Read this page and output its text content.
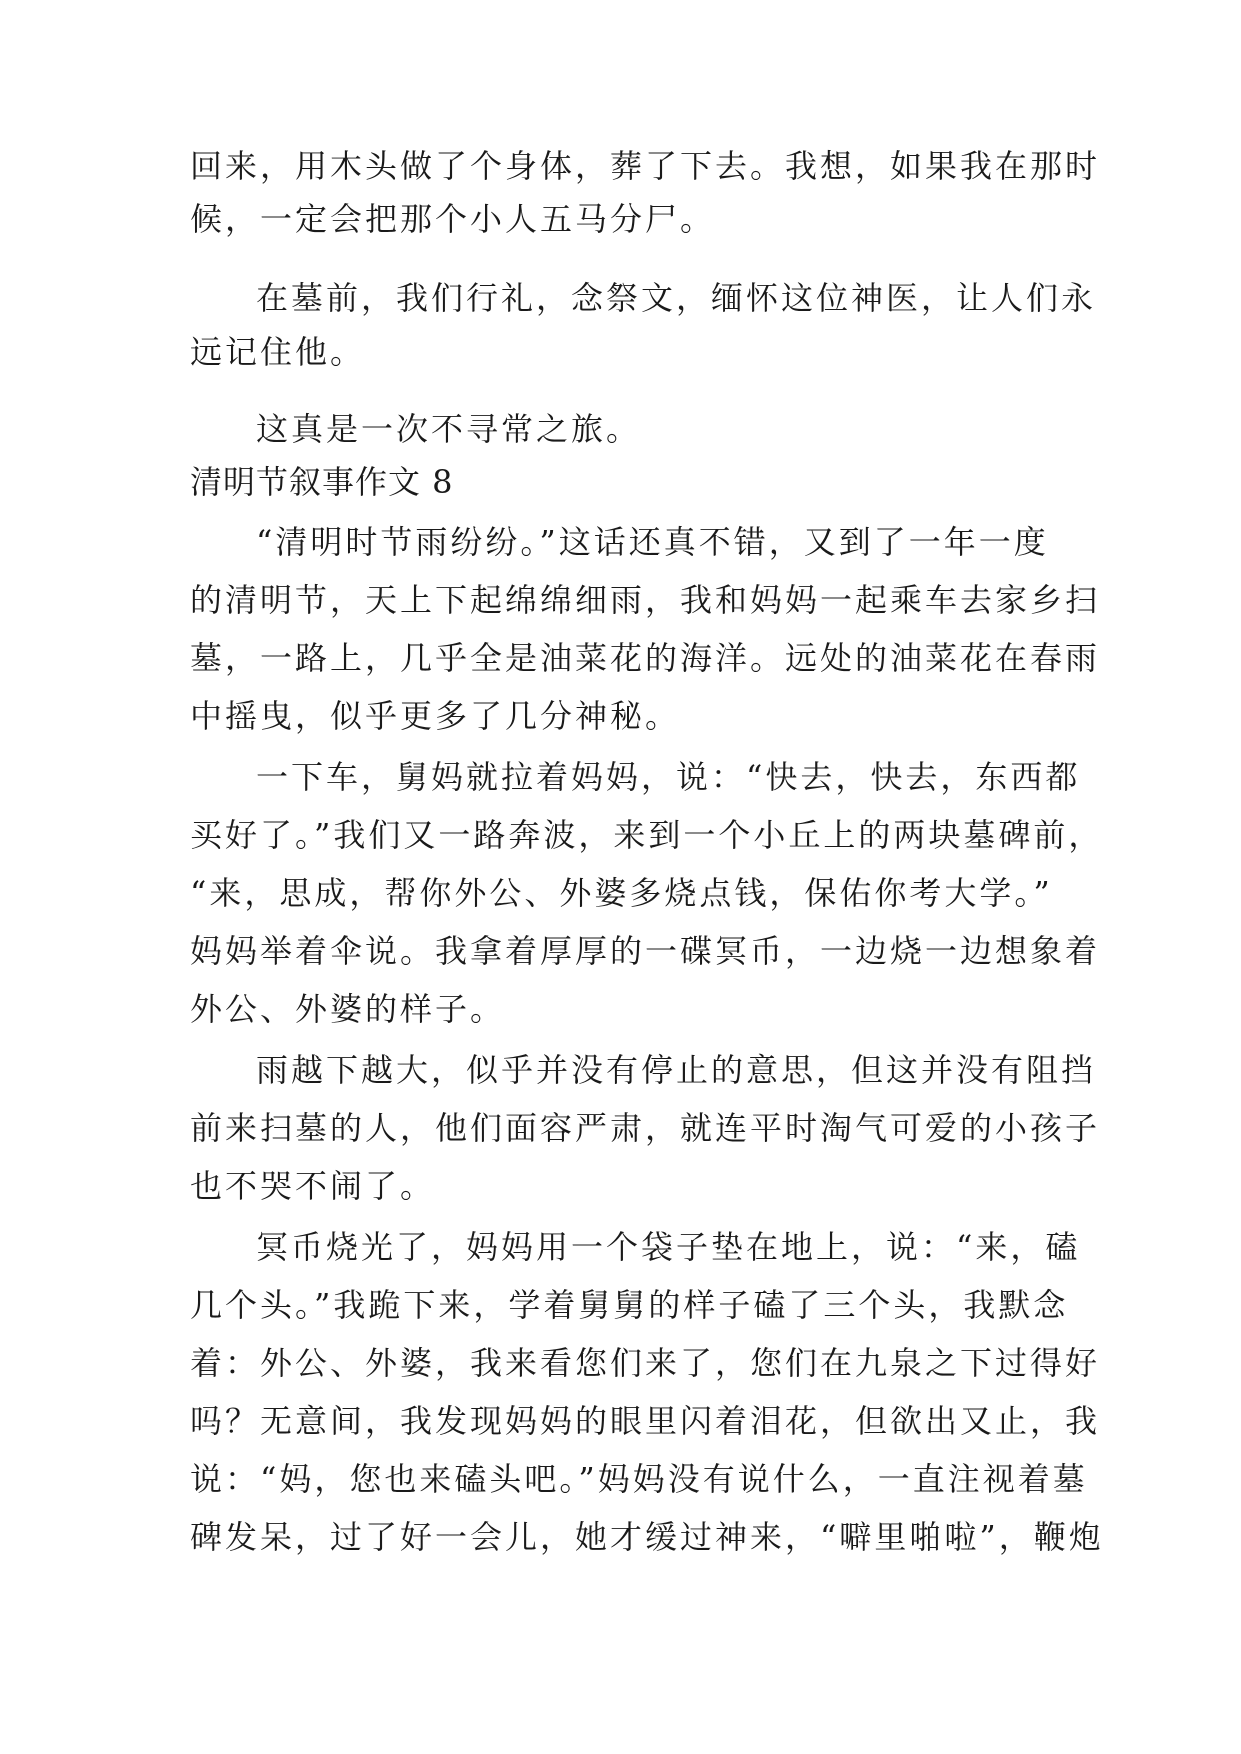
回来，用木头做了个身体，葬了下去。我想，如果我在那时
候，一定会把那个小人五马分尸。
在墓前，我们行礼，念祭文，缅怀这位神医，让人们永
远记住他。
这真是一次不寻常之旅。
清明节叙事作文 8
“清明时节雨纷纷。”这话还真不错，又到了一年一度
的清明节，天上下起绵绵细雨，我和妈妈一起乘车去家乡扫
墓，一路上，几乎全是油菜花的海洋。远处的油菜花在春雨
中摇曳，似乎更多了几分神秘。
一下车，舅妈就拉着妈妈，说：“快去，快去，东西都
买好了。”我们又一路奔波，来到一个小丘上的两块墓碑前，
“来，思成，帮你外公、外婆多烧点钱，保佑你考大学。”
妈妈举着伞说。我拿着厚厚的一碟冥币，一边烧一边想象着
外公、外婆的样子。
雨越下越大，似乎并没有停止的意思，但这并没有阻挡
前来扫墓的人，他们面容严肃，就连平时淘气可爱的小孩子
也不哭不闹了。
冥币烧光了，妈妈用一个袋子垫在地上，说：“来，磕
几个头。”我跪下来，学着舅舅的样子磕了三个头，我默念
着：外公、外婆，我来看您们来了，您们在九泉之下过得好
吗？无意间，我发现妈妈的眼里闪着泪花，但欲出又止，我
说：“妈，您也来磕头吧。”妈妈没有说什么，一直注视着墓
碑发呆，过了好一会儿，她才缓过神来，“噼里啪啦”，鞭炮
